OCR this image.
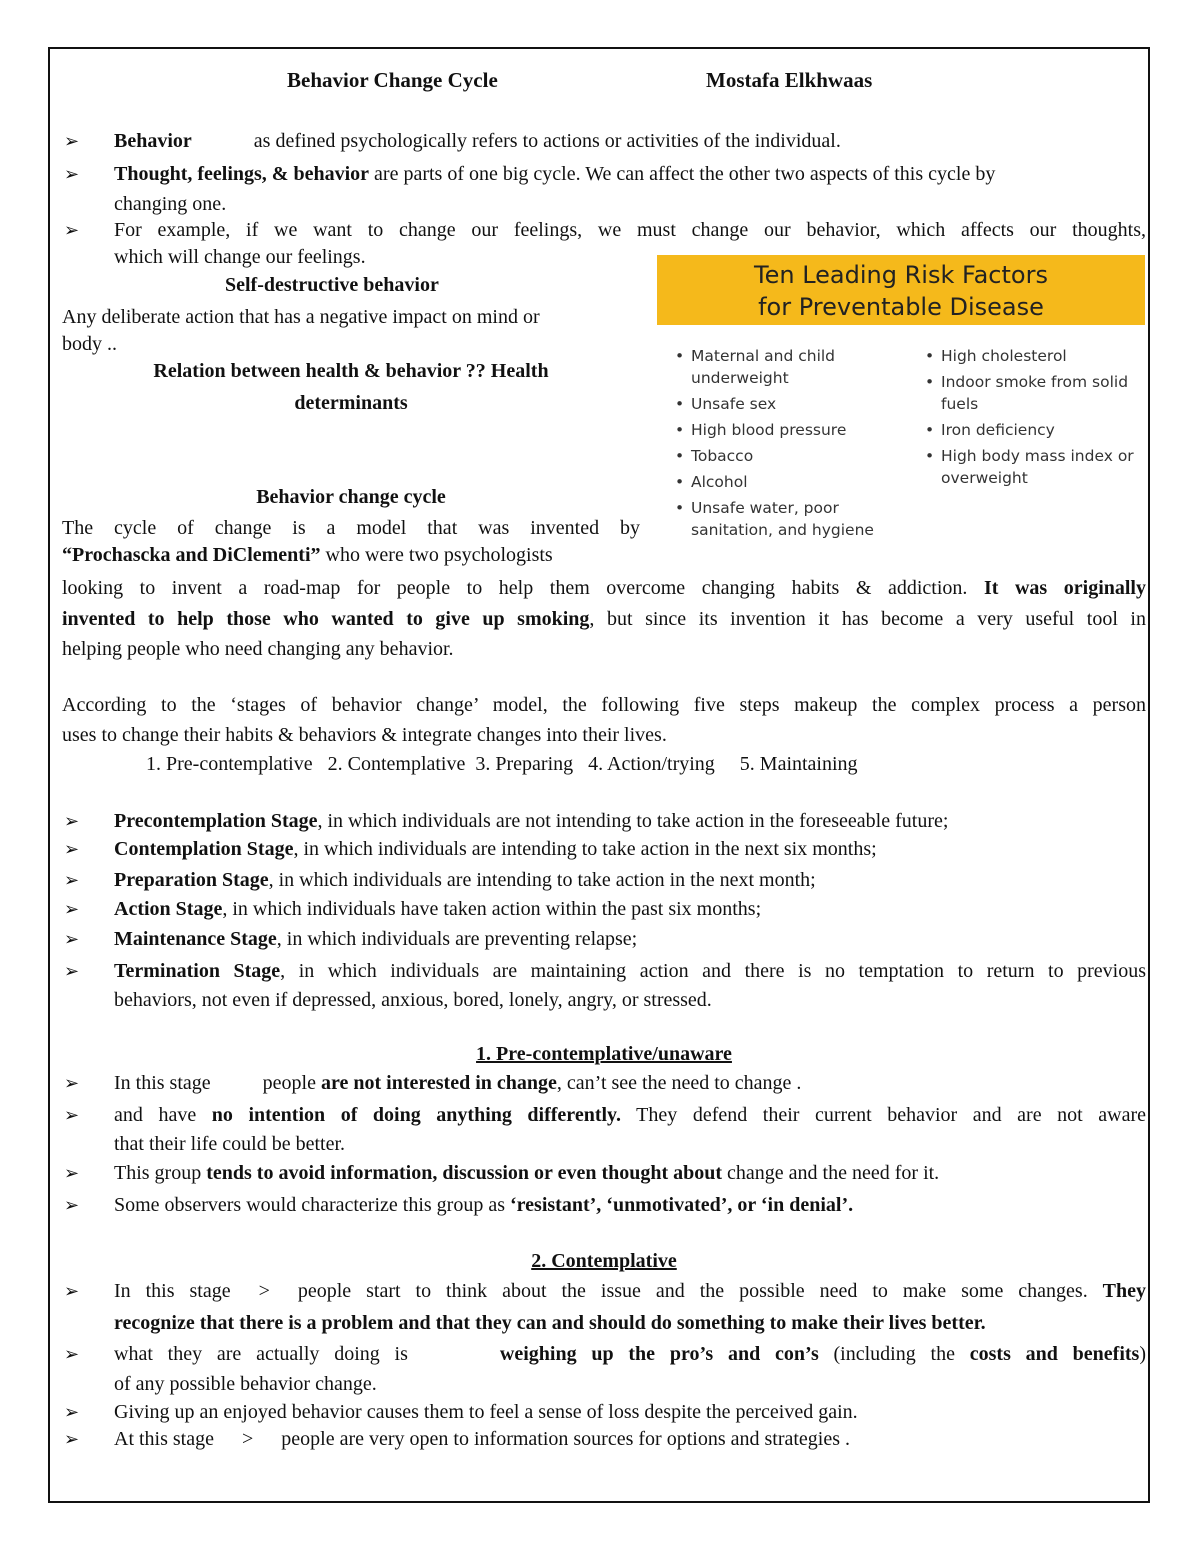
Behavior Change Cycle	Mostafa Elkhwaas
➢ Behavior	as defined psychologically refers to actions or activities of the individual.
➢ Thought, feelings, & behavior are parts of one big cycle. We can affect the other two aspects of this cycle by
changing one.
➢ For example, if we want to change our feelings, we must change our behavior, which affects our thoughts,
which will change our feelings.
Self-destructive behavior
Any deliberate action that has a negative impact on mind or
body ..
Relation between health & behavior ?? Health
determinants
Ten Leading Risk Factors
for Preventable Disease
• Maternal and child underweight
• Unsafe sex
• High blood pressure
• Tobacco
• Alcohol
• Unsafe water, poor sanitation, and hygiene
• High cholesterol
• Indoor smoke from solid fuels
• Iron deficiency
• High body mass index or overweight
Behavior change cycle
The cycle of change is a model that was invented by
“Prochascka and DiClementi” who were two psychologists
looking to invent a road-map for people to help them overcome changing habits & addiction. It was originally
invented to help those who wanted to give up smoking, but since its invention it has become a very useful tool in
helping people who need changing any behavior.
According to the ‘stages of behavior change’ model, the following five steps makeup the complex process a person
uses to change their habits & behaviors & integrate changes into their lives.
1. Pre-contemplative   2. Contemplative  3. Preparing   4. Action/trying     5. Maintaining
➢ Precontemplation Stage, in which individuals are not intending to take action in the foreseeable future;
➢ Contemplation Stage, in which individuals are intending to take action in the next six months;
➢ Preparation Stage, in which individuals are intending to take action in the next month;
➢ Action Stage, in which individuals have taken action within the past six months;
➢ Maintenance Stage, in which individuals are preventing relapse;
➢ Termination Stage, in which individuals are maintaining action and there is no temptation to return to previous
behaviors, not even if depressed, anxious, bored, lonely, angry, or stressed.
1. Pre-contemplative/unaware
➢ In this stage	people are not interested in change, can’t see the need to change .
➢ and have no intention of doing anything differently. They defend their current behavior and are not aware
that their life could be better.
➢ This group tends to avoid information, discussion or even thought about change and the need for it.
➢ Some observers would characterize this group as ‘resistant’, ‘unmotivated’, or ‘in denial’.
2. Contemplative
➢ In this stage > people start to think about the issue and the possible need to make some changes. They
recognize that there is a problem and that they can and should do something to make their lives better.
➢ what they are actually doing is	weighing up the pro’s and con’s (including the costs and benefits)
of any possible behavior change.
➢ Giving up an enjoyed behavior causes them to feel a sense of loss despite the perceived gain.
➢ At this stage > people are very open to information sources for options and strategies .
